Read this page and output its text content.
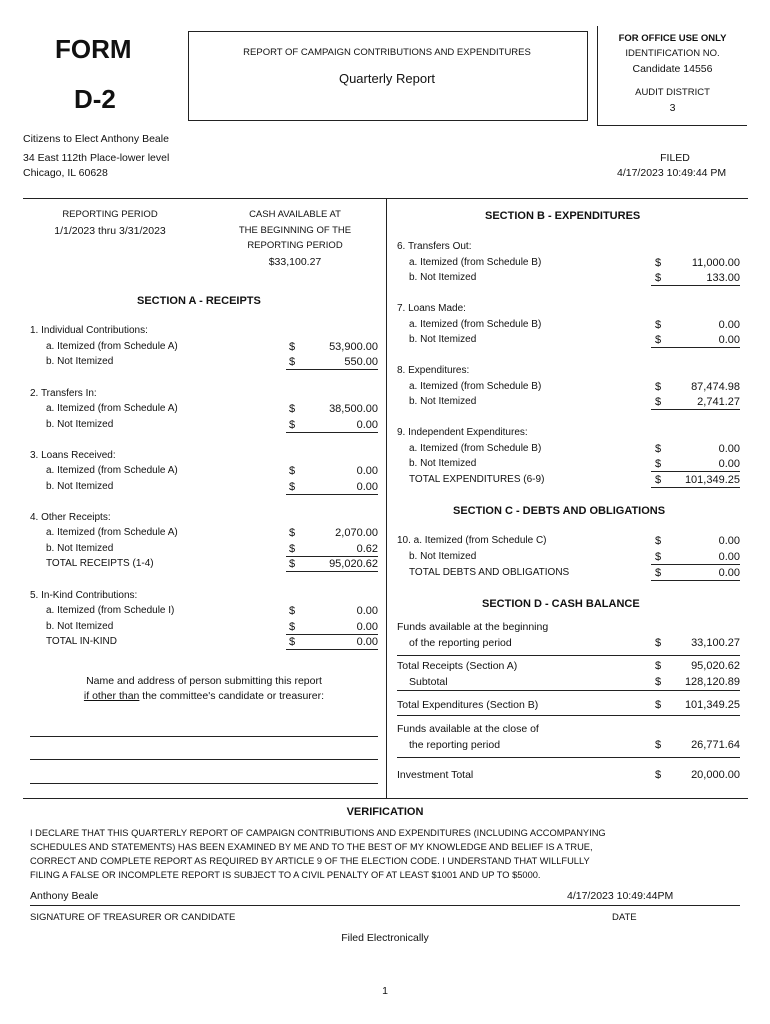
FORM
D-2
REPORT OF CAMPAIGN CONTRIBUTIONS AND EXPENDITURES
Quarterly Report
FOR OFFICE USE ONLY
IDENTIFICATION NO.
Candidate 14556
AUDIT DISTRICT
3
Citizens to Elect Anthony Beale
34 East 112th Place-lower level
Chicago, IL 60628
FILED
4/17/2023 10:49:44 PM
REPORTING PERIOD
1/1/2023 thru 3/31/2023
CASH AVAILABLE AT
THE BEGINNING OF THE
REPORTING PERIOD
$33,100.27
SECTION A - RECEIPTS
1. Individual Contributions:
a. Itemized (from Schedule A)	$	53,900.00
b. Not Itemized	$	550.00
2. Transfers In:
a. Itemized (from Schedule A)	$	38,500.00
b. Not Itemized	$	0.00
3. Loans Received:
a. Itemized (from Schedule A)	$	0.00
b. Not Itemized	$	0.00
4. Other Receipts:
a. Itemized (from Schedule A)	$	2,070.00
b. Not Itemized	$	0.62
TOTAL RECEIPTS (1-4)	$	95,020.62
5. In-Kind Contributions:
a. Itemized (from Schedule I)	$	0.00
b. Not Itemized	$	0.00
TOTAL IN-KIND	$	0.00
Name and address of person submitting this report
if other than the committee's candidate or treasurer:
SECTION B - EXPENDITURES
6. Transfers Out:
a. Itemized (from Schedule B)	$	11,000.00
b. Not Itemized	$	133.00
7. Loans Made:
a. Itemized (from Schedule B)	$	0.00
b. Not Itemized	$	0.00
8. Expenditures:
a. Itemized (from Schedule B)	$	87,474.98
b. Not Itemized	$	2,741.27
9. Independent Expenditures:
a. Itemized (from Schedule B)	$	0.00
b. Not Itemized	$	0.00
TOTAL EXPENDITURES (6-9)	$	101,349.25
SECTION C - DEBTS AND OBLIGATIONS
10. a. Itemized (from Schedule C)	$	0.00
b. Not Itemized	$	0.00
TOTAL DEBTS AND OBLIGATIONS	$	0.00
SECTION D - CASH BALANCE
Funds available at the beginning
of the reporting period	$	33,100.27
Total Receipts (Section A)	$	95,020.62
Subtotal	$	128,120.89
Total Expenditures (Section B)	$	101,349.25
Funds available at the close of
the reporting period	$	26,771.64
Investment Total	$	20,000.00
VERIFICATION
I DECLARE THAT THIS QUARTERLY REPORT OF CAMPAIGN CONTRIBUTIONS AND EXPENDITURES (INCLUDING ACCOMPANYING
SCHEDULES AND STATEMENTS) HAS BEEN EXAMINED BY ME AND TO THE BEST OF MY KNOWLEDGE AND BELIEF IS A TRUE,
CORRECT AND COMPLETE REPORT AS REQUIRED BY ARTICLE 9 OF THE ELECTION CODE. I UNDERSTAND THAT WILLFULLY
FILING A FALSE OR INCOMPLETE REPORT IS SUBJECT TO A CIVIL PENALTY OF AT LEAST $1001 AND UP TO $5000.
Anthony Beale	4/17/2023 10:49:44PM
SIGNATURE OF TREASURER OR CANDIDATE	DATE
Filed Electronically
1
